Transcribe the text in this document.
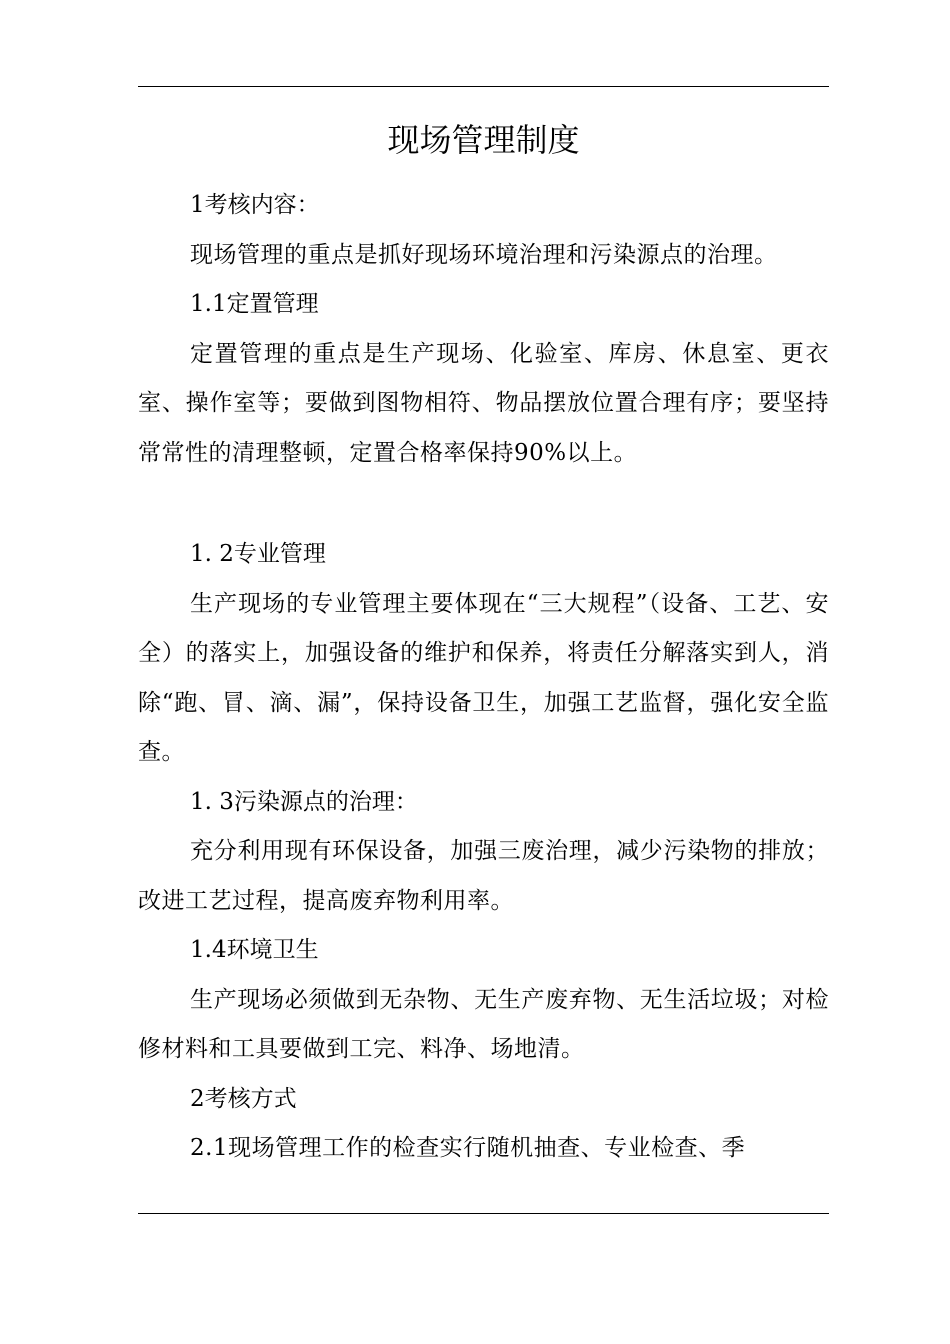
现场管理制度

1考核内容：

现场管理的重点是抓好现场环境治理和污染源点的治理。

1.1定置管理

定置管理的重点是生产现场、化验室、库房、休息室、更衣室、操作室等；要做到图物相符、物品摆放位置合理有序；要坚持常常性的清理整顿，定置合格率保持90%以上。

1. 2专业管理

生产现场的专业管理主要体现在“三大规程”（设备、工艺、安全）的落实上，加强设备的维护和保养，将责任分解落实到人，消除“跑、冒、滴、漏”，保持设备卫生，加强工艺监督，强化安全监查。

1. 3污染源点的治理：

充分利用现有环保设备，加强三废治理，减少污染物的排放；改进工艺过程，提高废弃物利用率。

1.4环境卫生

生产现场必须做到无杂物、无生产废弃物、无生活垃圾；对检修材料和工具要做到工完、料净、场地清。

2考核方式

2.1现场管理工作的检查实行随机抽查、专业检查、季
